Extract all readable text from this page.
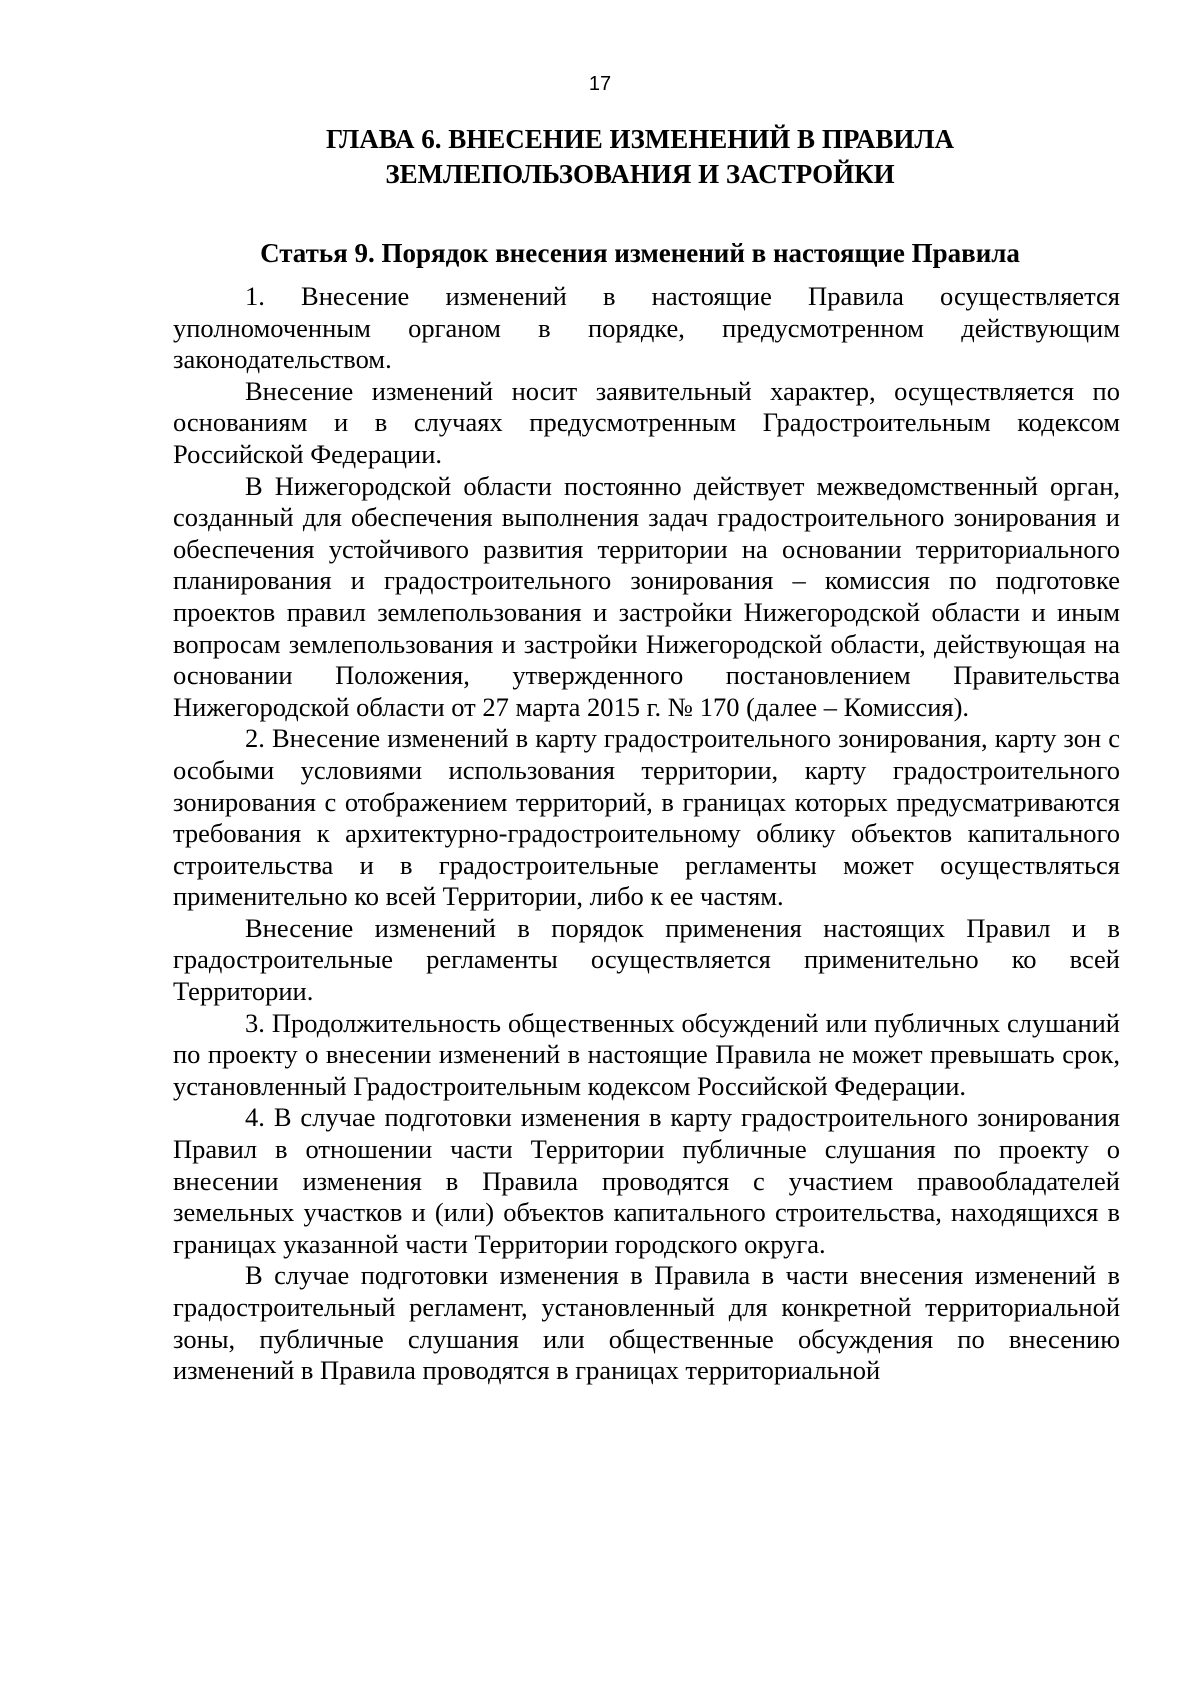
17
ГЛАВА 6. ВНЕСЕНИЕ ИЗМЕНЕНИЙ В ПРАВИЛА
ЗЕМЛЕПОЛЬЗОВАНИЯ И ЗАСТРОЙКИ
Статья 9. Порядок внесения изменений в настоящие Правила

1. Внесение изменений в настоящие Правила осуществляется уполномоченным органом в порядке, предусмотренном действующим законодательством.

Внесение изменений носит заявительный характер, осуществляется по основаниям и в случаях предусмотренным Градостроительным кодексом Российской Федерации.

В Нижегородской области постоянно действует межведомственный орган, созданный для обеспечения выполнения задач градостроительного зонирования и обеспечения устойчивого развития территории на основании территориального планирования и градостроительного зонирования – комиссия по подготовке проектов правил землепользования и застройки Нижегородской области и иным вопросам землепользования и застройки Нижегородской области, действующая на основании Положения, утвержденного постановлением Правительства Нижегородской области от 27 марта 2015 г. № 170 (далее – Комиссия).

2. Внесение изменений в карту градостроительного зонирования, карту зон с особыми условиями использования территории, карту градостроительного зонирования с отображением территорий, в границах которых предусматриваются требования к архитектурно-градостроительному облику объектов капитального строительства и в градостроительные регламенты может осуществляться применительно ко всей Территории, либо к ее частям.

Внесение изменений в порядок применения настоящих Правил и в градостроительные регламенты осуществляется применительно ко всей Территории.

3. Продолжительность общественных обсуждений или публичных слушаний по проекту о внесении изменений в настоящие Правила не может превышать срок, установленный Градостроительным кодексом Российской Федерации.

4. В случае подготовки изменения в карту градостроительного зонирования Правил в отношении части Территории публичные слушания по проекту о внесении изменения в Правила проводятся с участием правообладателей земельных участков и (или) объектов капитального строительства, находящихся в границах указанной части Территории городского округа.

В случае подготовки изменения в Правила в части внесения изменений в градостроительный регламент, установленный для конкретной территориальной зоны, публичные слушания или общественные обсуждения по внесению изменений в Правила проводятся в границах территориальной
